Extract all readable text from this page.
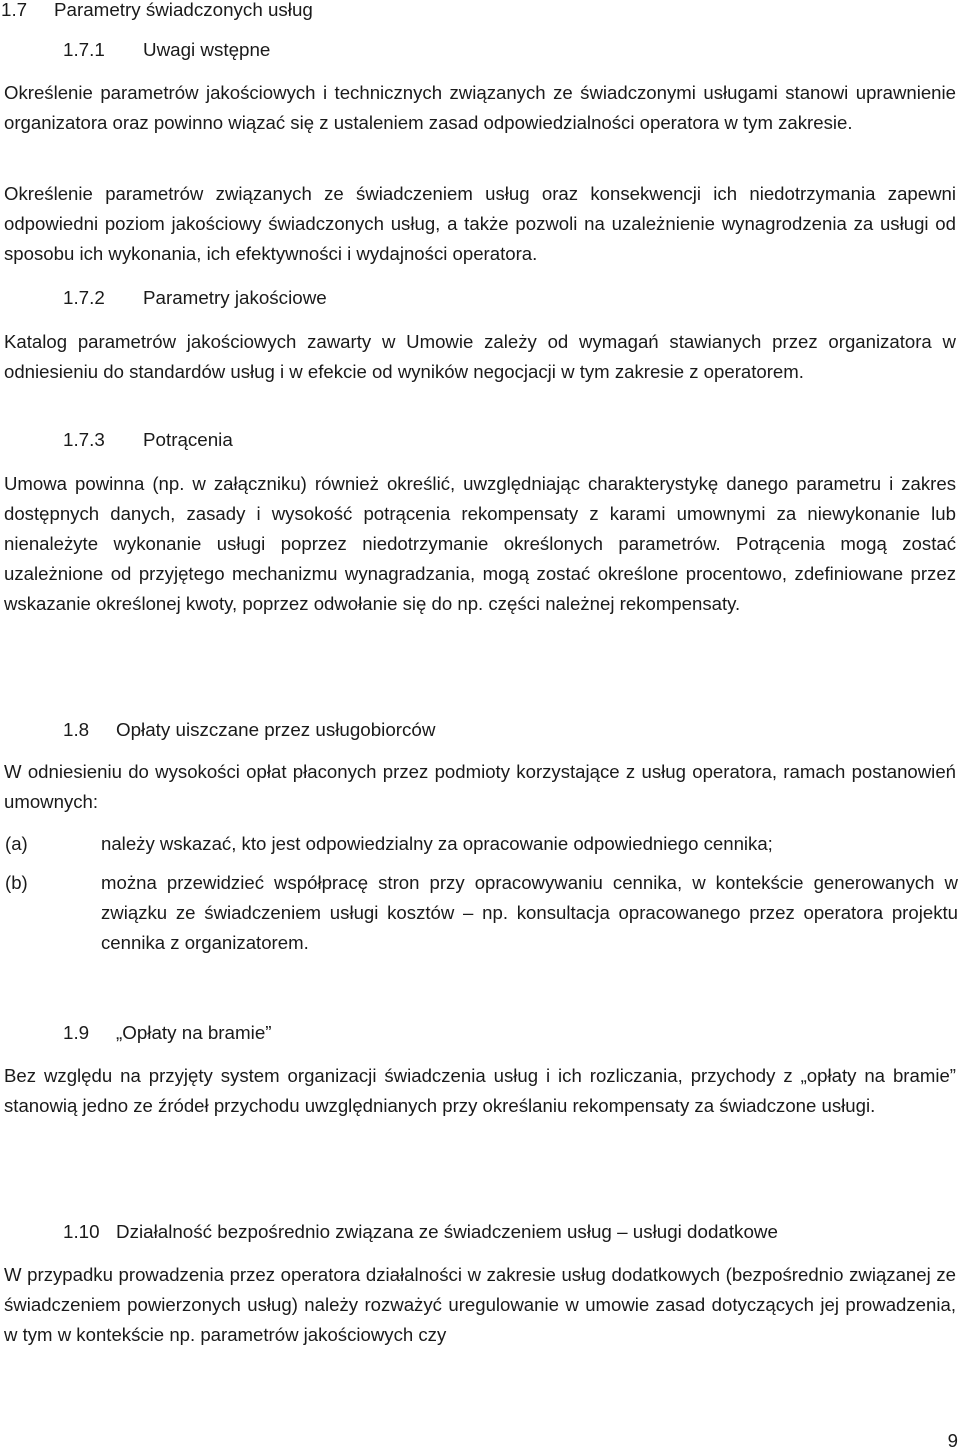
1.7 Parametry świadczonych usług
1.7.1 Uwagi wstępne
Określenie parametrów jakościowych i technicznych związanych ze świadczonymi usługami stanowi uprawnienie organizatora oraz powinno wiązać się z ustaleniem zasad odpowiedzialności operatora w tym zakresie.
Określenie parametrów związanych ze świadczeniem usług oraz konsekwencji ich niedotrzymania zapewni odpowiedni poziom jakościowy świadczonych usług, a także pozwoli na uzależnienie wynagrodzenia za usługi od sposobu ich wykonania, ich efektywności i wydajności operatora.
1.7.2 Parametry jakościowe
Katalog parametrów jakościowych zawarty w Umowie zależy od wymagań stawianych przez organizatora w odniesieniu do standardów usług i w efekcie od wyników negocjacji w tym zakresie z operatorem.
1.7.3 Potrącenia
Umowa powinna (np. w załączniku) również określić, uwzględniając charakterystykę danego parametru i zakres dostępnych danych, zasady i wysokość potrącenia rekompensaty z karami umownymi za niewykonanie lub nienależyte wykonanie usługi poprzez niedotrzymanie określonych parametrów. Potrącenia mogą zostać uzależnione od przyjętego mechanizmu wynagradzania, mogą zostać określone procentowo, zdefiniowane przez wskazanie określonej kwoty, poprzez odwołanie się do np. części należnej rekompensaty.
1.8 Opłaty uiszczane przez usługobiorców
W odniesieniu do wysokości opłat płaconych przez podmioty korzystające z usług operatora, ramach postanowień umownych:
(a)	należy wskazać, kto jest odpowiedzialny za opracowanie odpowiedniego cennika;
(b)	można przewidzieć współpracę stron przy opracowywaniu cennika, w kontekście generowanych w związku ze świadczeniem usługi kosztów – np. konsultacja opracowanego przez operatora projektu cennika z organizatorem.
1.9 „Opłaty na bramie”
Bez względu na przyjęty system organizacji świadczenia usług i ich rozliczania, przychody z „opłaty na bramie” stanowią jedno ze źródeł przychodu uwzględnianych przy określaniu rekompensaty za świadczone usługi.
1.10 Działalność bezpośrednio związana ze świadczeniem usług – usługi dodatkowe
W przypadku prowadzenia przez operatora działalności w zakresie usług dodatkowych (bezpośrednio związanej ze świadczeniem powierzonych usług) należy rozważyć uregulowanie w umowie zasad dotyczących jej prowadzenia, w tym w kontekście np. parametrów jakościowych czy
9
